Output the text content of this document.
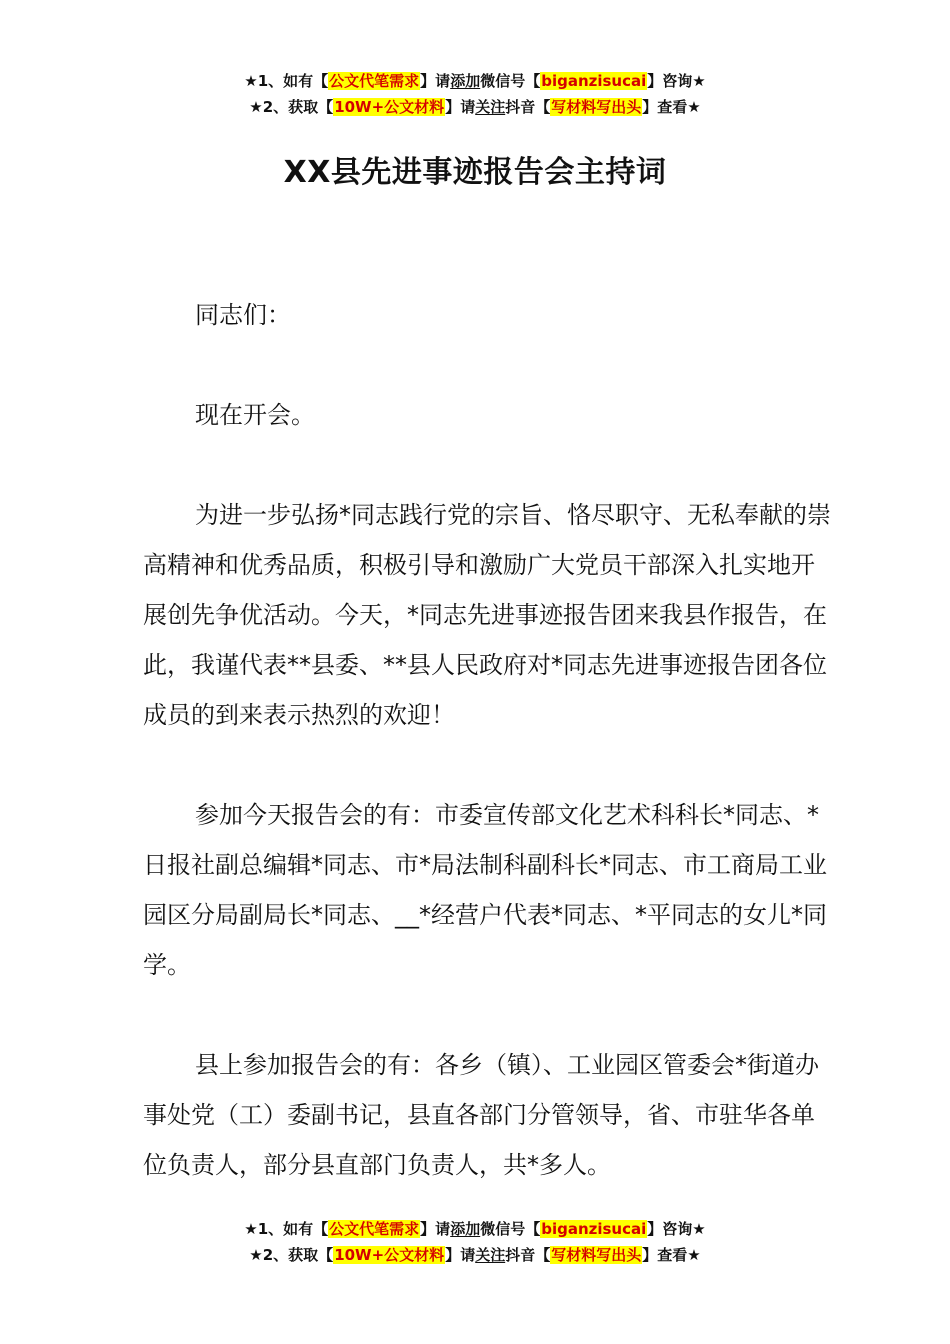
★1、如有【公文代笔需求】请添加微信号【biganzisucai】咨询★
★2、获取【10W+公文材料】请关注抖音【写材料写出头】查看★
XX县先进事迹报告会主持词

同志们：

现在开会。

为进一步弘扬*同志践行党的宗旨、恪尽职守、无私奉献的崇高精神和优秀品质，积极引导和激励广大党员干部深入扎实地开展创先争优活动。今天，*同志先进事迹报告团来我县作报告，在此，我谨代表**县委、**县人民政府对*同志先进事迹报告团各位成员的到来表示热烈的欢迎！

参加今天报告会的有：市委宣传部文化艺术科科长*同志、*日报社副总编辑*同志、市*局法制科副科长*同志、市工商局工业园区分局副局长*同志、__*经营户代表*同志、*平同志的女儿*同学。

县上参加报告会的有：各乡（镇）、工业园区管委会*街道办事处党（工）委副书记，县直各部门分管领导，省、市驻华各单位负责人，部分县直部门负责人，共*多人。

★1、如有【公文代笔需求】请添加微信号【biganzisucai】咨询★
★2、获取【10W+公文材料】请关注抖音【写材料写出头】查看★
